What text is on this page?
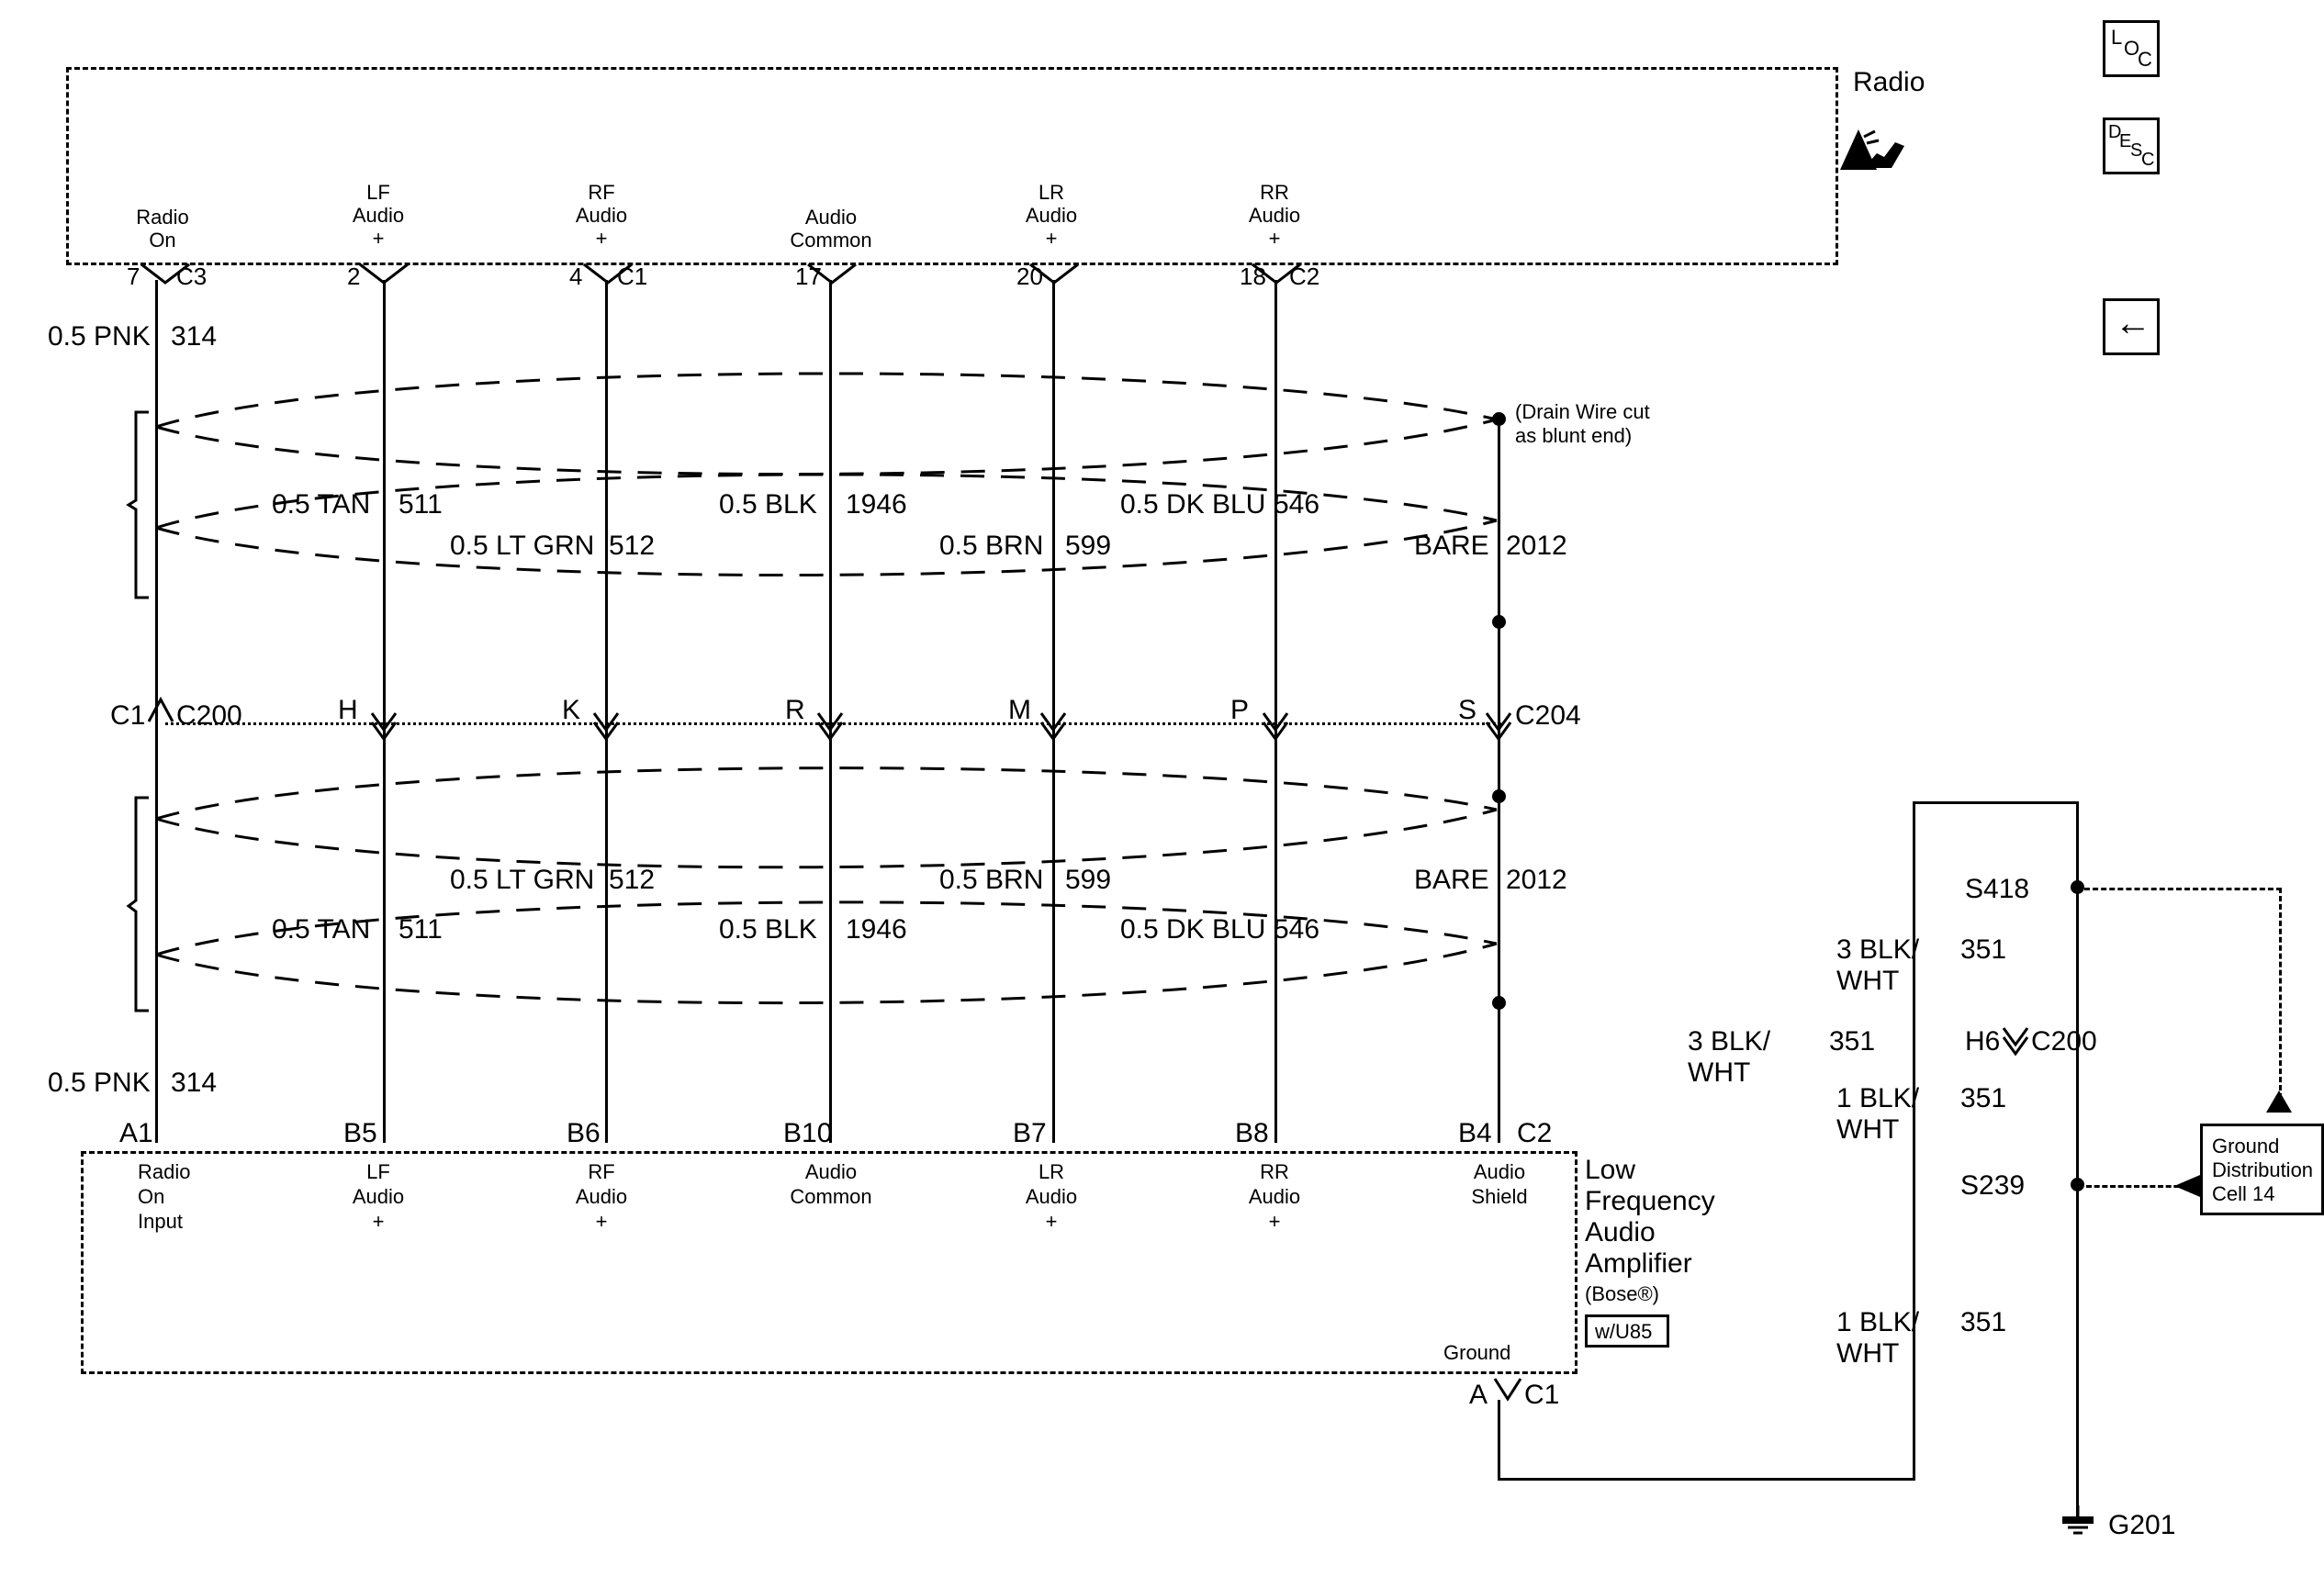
L O
C
D
E
S
C
←
Radio
Low
Frequency
Audio
Amplifier
(Bose®)
w/U85
Radio
On
7 C3
LF
Audio
+
2
RF
Audio
+
4 C1
Audio
Common
17
LR
Audio
+
20
RR
Audio
+
18 C2
(Drain Wire cut
as blunt end)
0.5 PNK 314
0.5 TAN 511	0.5 BLK 1946	0.5 DK BLU 546
0.5 LT GRN 512	0.5 BRN 599	BARE 2012
C1 C200	C204
H	K	R	M	P	S
0.5 LT GRN 512	0.5 BRN 599	BARE 2012
0.5 TAN 511	0.5 BLK 1946	0.5 DK BLU 546
0.5 PNK 314
A1
Radio
On
Input
B5
LF
Audio
+
B6
RF
Audio
+
B10
Audio
Common
B7
LR
Audio
+
B8
RR
Audio
+
B4 C2
Audio
Shield
Ground
A C1
S418
3 BLK/
WHT
351
H6 C200
3 BLK/
WHT
351
1 BLK/
WHT
351
S239
1 BLK/
WHT
351
G201
Ground
Distribution
Cell 14
